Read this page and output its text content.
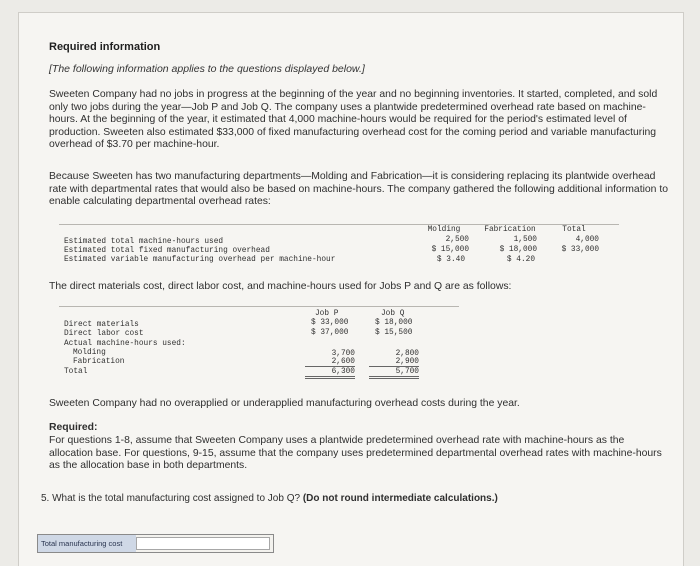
Required information
[The following information applies to the questions displayed below.]
Sweeten Company had no jobs in progress at the beginning of the year and no beginning inventories. It started, completed, and sold only two jobs during the year—Job P and Job Q. The company uses a plantwide predetermined overhead rate based on machine-hours. At the beginning of the year, it estimated that 4,000 machine-hours would be required for the period's estimated level of production. Sweeten also estimated $33,000 of fixed manufacturing overhead cost for the coming period and variable manufacturing overhead of $3.70 per machine-hour.
Because Sweeten has two manufacturing departments—Molding and Fabrication—it is considering replacing its plantwide overhead rate with departmental rates that would also be based on machine-hours. The company gathered the following additional information to enable calculating departmental overhead rates:
Molding	Fabrication	Total
Estimated total machine-hours used	2,500	1,500	4,000
Estimated total fixed manufacturing overhead	$ 15,000	$ 18,000	$ 33,000
Estimated variable manufacturing overhead per machine-hour	$ 3.40	$ 4.20
The direct materials cost, direct labor cost, and machine-hours used for Jobs P and Q are as follows:
Job P	Job Q
Direct materials	$ 33,000	$ 18,000
Direct labor cost	$ 37,000	$ 15,500
Actual machine-hours used:
Molding	3,700	2,800
Fabrication	2,600	2,900
Total	6,300	5,700
Sweeten Company had no overapplied or underapplied manufacturing overhead costs during the year.
Required:
For questions 1-8, assume that Sweeten Company uses a plantwide predetermined overhead rate with machine-hours as the allocation base. For questions, 9-15, assume that the company uses predetermined departmental overhead rates with machine-hours as the allocation base in both departments.
5. What is the total manufacturing cost assigned to Job Q? (Do not round intermediate calculations.)
Total manufacturing cost
